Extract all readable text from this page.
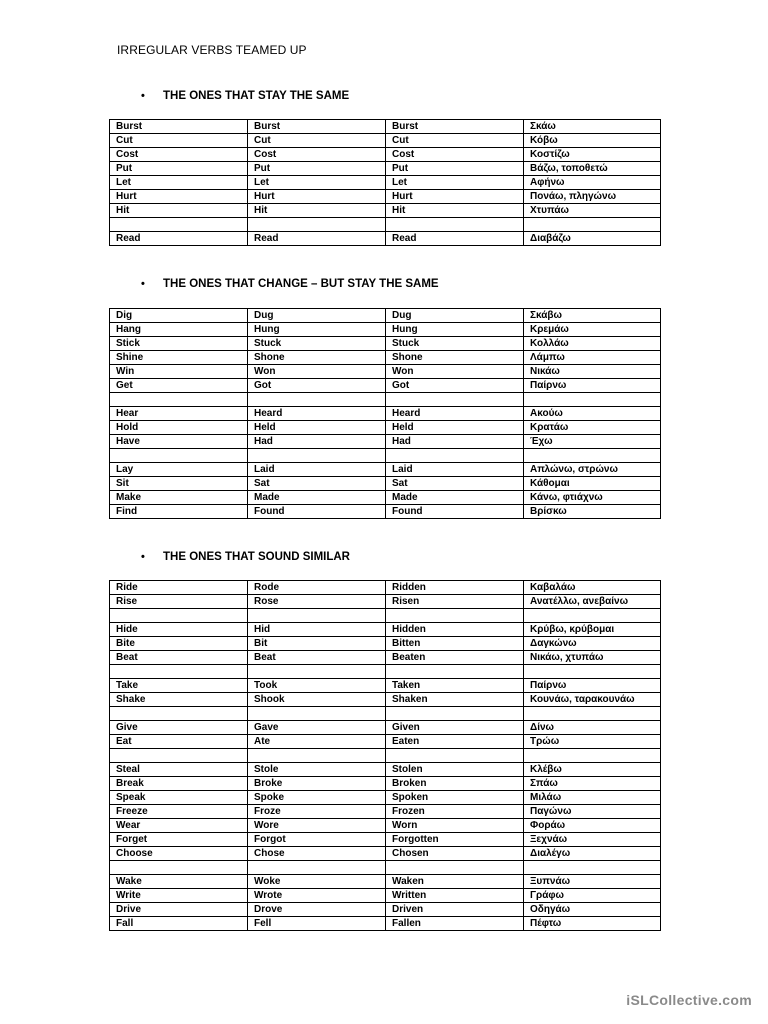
IRREGULAR VERBS TEAMED UP
• THE ONES THAT STAY THE SAME
Burst	Burst	Burst	Σκάω
Cut	Cut	Cut	Κόβω
Cost	Cost	Cost	Κοστίζω
Put	Put	Put	Βάζω, τοποθετώ
Let	Let	Let	Αφήνω
Hurt	Hurt	Hurt	Πονάω, πληγώνω
Hit	Hit	Hit	Χτυπάω

Read	Read	Read	Διαβάζω
• THE ONES THAT CHANGE – BUT STAY THE SAME
Dig	Dug	Dug	Σκάβω
Hang	Hung	Hung	Κρεμάω
Stick	Stuck	Stuck	Κολλάω
Shine	Shone	Shone	Λάμπω
Win	Won	Won	Νικάω
Get	Got	Got	Παίρνω

Hear	Heard	Heard	Ακούω
Hold	Held	Held	Κρατάω
Have	Had	Had	Έχω

Lay	Laid	Laid	Απλώνω, στρώνω
Sit	Sat	Sat	Κάθομαι
Make	Made	Made	Κάνω, φτιάχνω
Find	Found	Found	Βρίσκω
• THE ONES THAT SOUND SIMILAR
Ride	Rode	Ridden	Καβαλάω
Rise	Rose	Risen	Ανατέλλω, ανεβαίνω

Hide	Hid	Hidden	Κρύβω, κρύβομαι
Bite	Bit	Bitten	Δαγκώνω
Beat	Beat	Beaten	Νικάω, χτυπάω

Take	Took	Taken	Παίρνω
Shake	Shook	Shaken	Κουνάω, ταρακουνάω

Give	Gave	Given	Δίνω
Eat	Ate	Eaten	Τρώω

Steal	Stole	Stolen	Κλέβω
Break	Broke	Broken	Σπάω
Speak	Spoke	Spoken	Μιλάω
Freeze	Froze	Frozen	Παγώνω
Wear	Wore	Worn	Φοράω
Forget	Forgot	Forgotten	Ξεχνάω
Choose	Chose	Chosen	Διαλέγω

Wake	Woke	Waken	Ξυπνάω
Write	Wrote	Written	Γράφω
Drive	Drove	Driven	Οδηγάω
Fall	Fell	Fallen	Πέφτω
iSLCollective.com
